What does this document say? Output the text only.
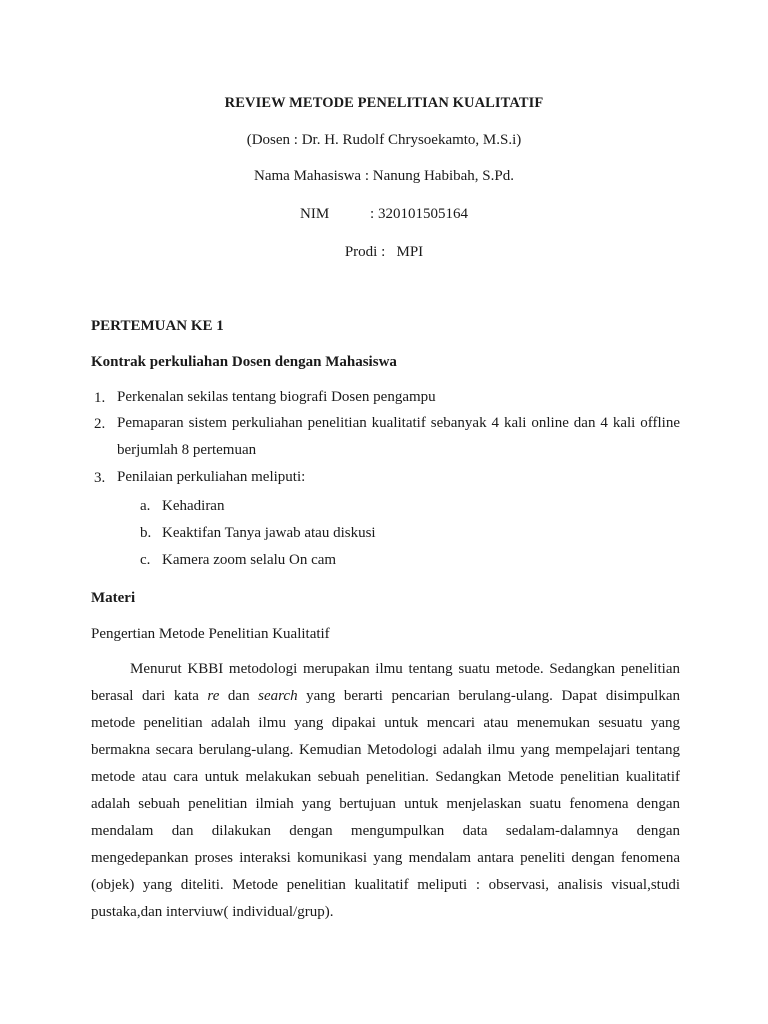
REVIEW METODE PENELITIAN KUALITATIF
(Dosen : Dr. H. Rudolf Chrysoekamto, M.S.i)
Nama Mahasiswa : Nanung Habibah, S.Pd.
NIM	: 320101505164
Prodi : MPI
PERTEMUAN KE 1
Kontrak perkuliahan Dosen dengan Mahasiswa
1. Perkenalan sekilas tentang biografi Dosen pengampu
2. Pemaparan sistem perkuliahan penelitian kualitatif sebanyak 4 kali online dan 4 kali offline berjumlah 8 pertemuan
3. Penilaian perkuliahan meliputi:
a. Kehadiran
b. Keaktifan Tanya jawab atau diskusi
c. Kamera zoom selalu On cam
Materi
Pengertian Metode Penelitian Kualitatif
Menurut KBBI metodologi merupakan ilmu tentang suatu metode. Sedangkan penelitian
berasal dari kata re dan search yang berarti pencarian berulang-ulang. Dapat disimpulkan
metode penelitian adalah ilmu yang dipakai untuk mencari atau menemukan sesuatu yang
bermakna secara berulang-ulang. Kemudian Metodologi adalah ilmu yang mempelajari tentang
metode atau cara untuk melakukan sebuah penelitian. Sedangkan Metode penelitian kualitatif
adalah sebuah penelitian ilmiah yang bertujuan untuk menjelaskan suatu fenomena dengan
mendalam dan dilakukan dengan mengumpulkan data sedalam-dalamnya dengan
mengedepankan proses interaksi komunikasi yang mendalam antara peneliti dengan fenomena
(objek) yang diteliti. Metode penelitian kualitatif meliputi : observasi, analisis visual,studi
pustaka,dan interviuw( individual/grup).
